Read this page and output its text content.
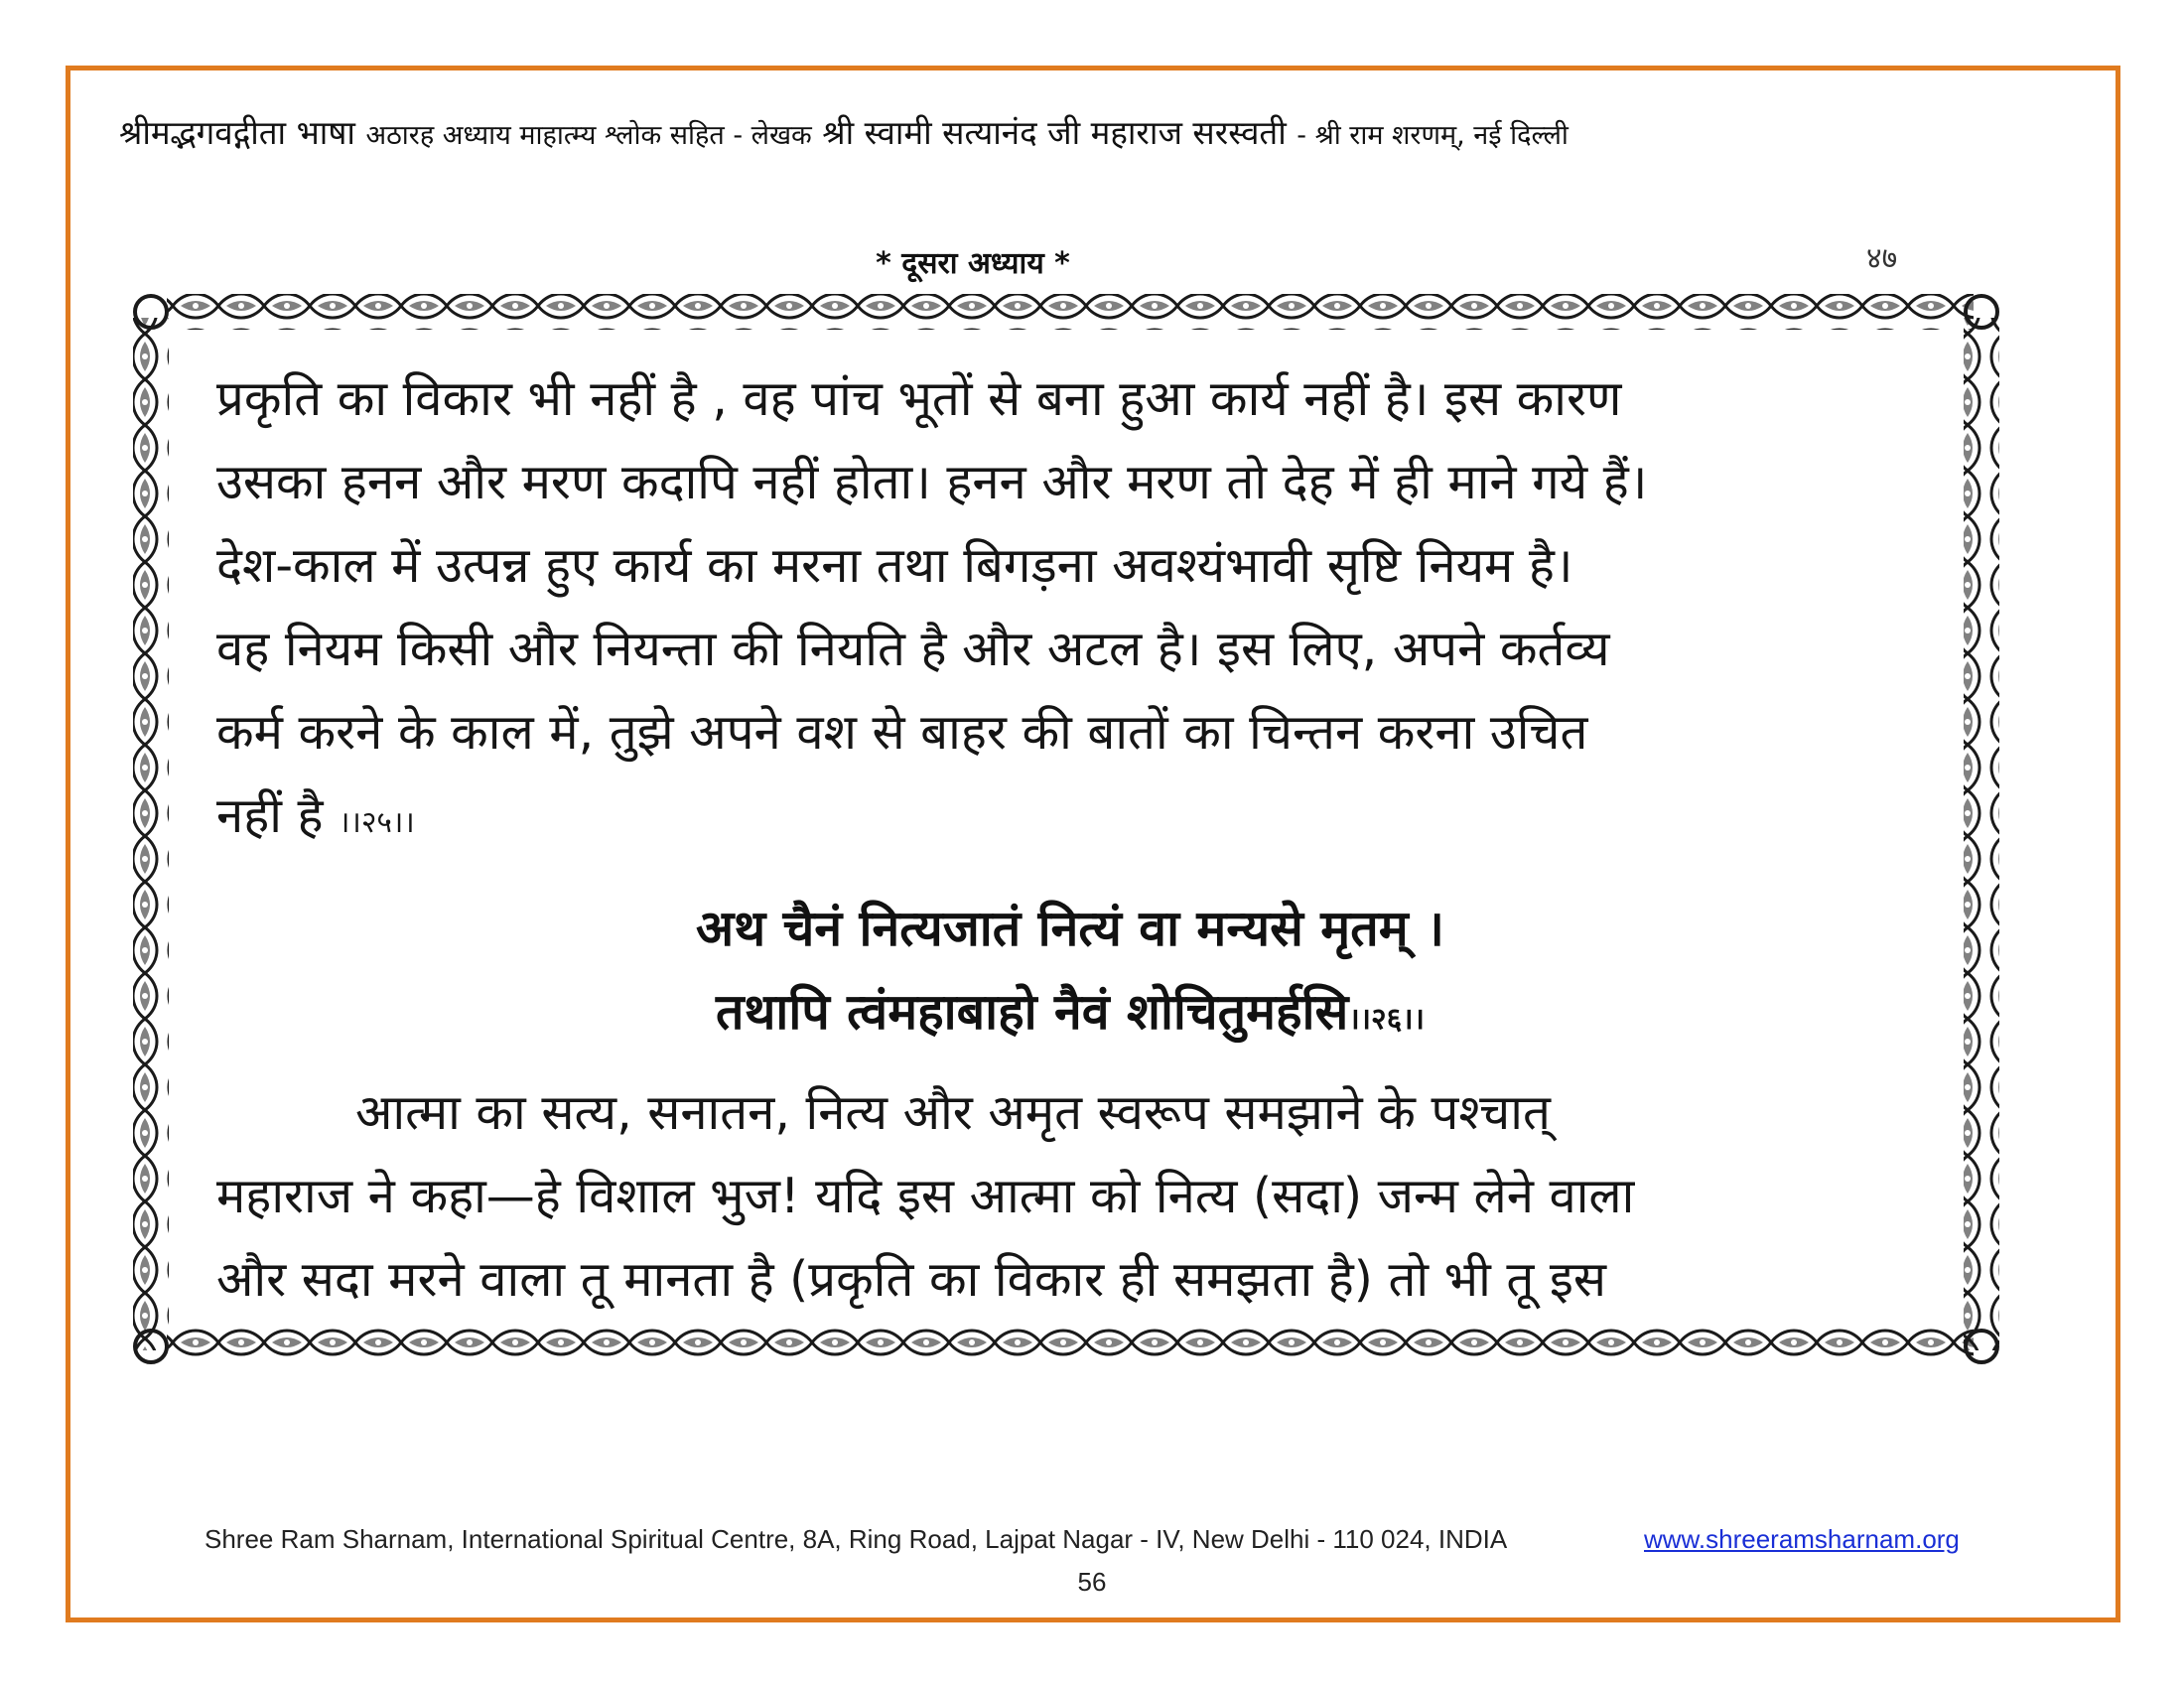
श्रीमद्भगवद्गीता भाषा अठारह अध्याय माहात्म्य श्लोक सहित - लेखक श्री स्वामी सत्यानंद जी महाराज सरस्वती - श्री राम शरणम्, नई दिल्ली
* दूसरा अध्याय *	४७
प्रकृति का विकार भी नहीं है , वह पांच भूतों से बना हुआ कार्य नहीं है। इस कारण
उसका हनन और मरण कदापि नहीं होता। हनन और मरण तो देह में ही माने गये हैं।
देश-काल में उत्पन्न हुए कार्य का मरना तथा बिगड़ना अवश्यंभावी सृष्टि नियम है।
वह नियम किसी और नियन्ता की नियति है और अटल है। इस लिए, अपने कर्तव्य
कर्म करने के काल में, तुझे अपने वश से बाहर की बातों का चिन्तन करना उचित
नहीं है ।।२५।।
अथ चैनं नित्यजातं नित्यं वा मन्यसे मृतम् ।
तथापि त्वंमहाबाहो नैवं शोचितुमर्हसि।।२६।।
आत्मा का सत्य, सनातन, नित्य और अमृत स्वरूप समझाने के पश्चात्
महाराज ने कहा—हे विशाल भुज! यदि इस आत्मा को नित्य (सदा) जन्म लेने वाला
और सदा मरने वाला तू मानता है (प्रकृति का विकार ही समझता है) तो भी तू इस
Shree Ram Sharnam, International Spiritual Centre, 8A, Ring Road, Lajpat Nagar - IV, New Delhi - 110 024, INDIA	www.shreeramsharnam.org
56
